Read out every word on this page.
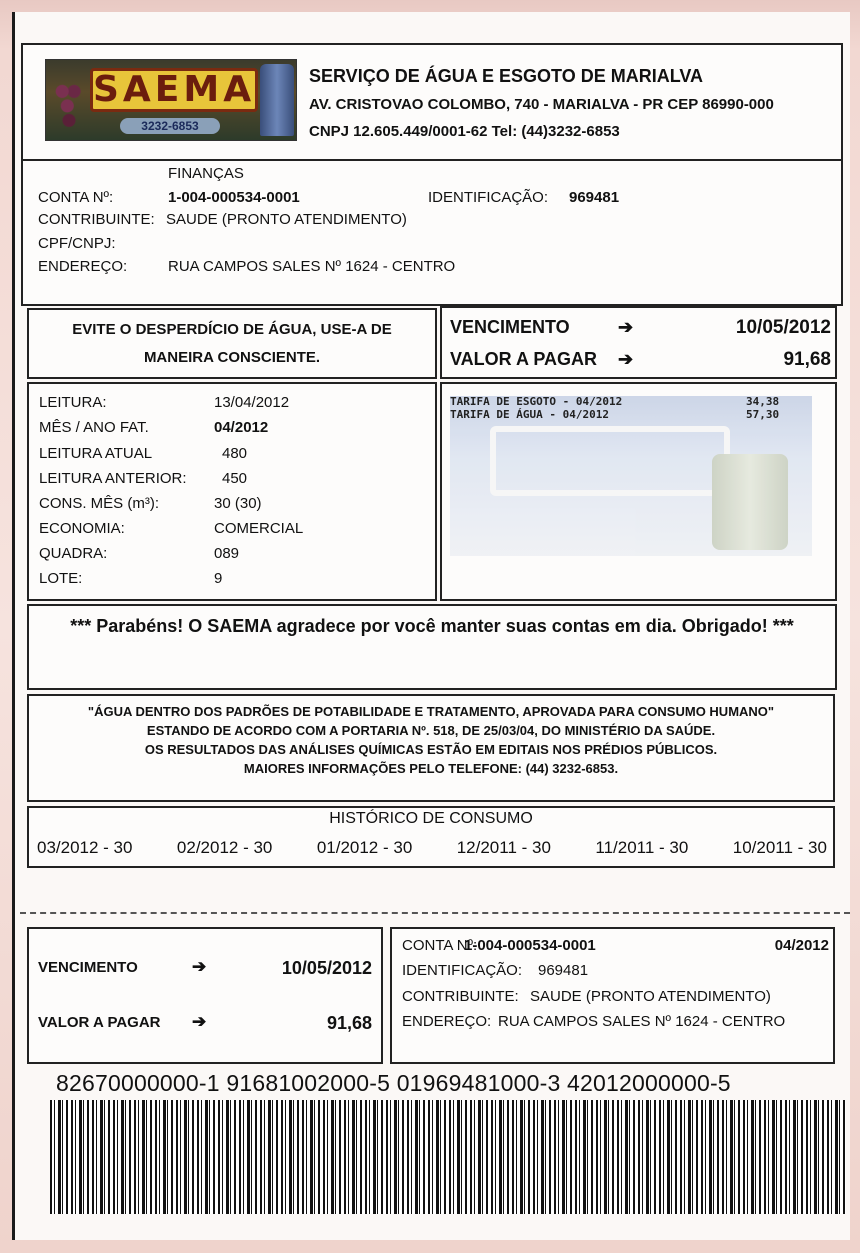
SAEMA
3232-6853
SERVIÇO DE ÁGUA E ESGOTO DE MARIALVA
AV. CRISTOVAO COLOMBO, 740 - MARIALVA - PR CEP 86990-000
CNPJ 12.605.449/0001-62 Tel: (44)3232-6853
FINANÇAS
CONTA Nº:	1-004-000534-0001	IDENTIFICAÇÃO: 969481
CONTRIBUINTE: SAUDE (PRONTO ATENDIMENTO)
CPF/CNPJ:
ENDEREÇO:	RUA CAMPOS SALES Nº 1624 - CENTRO
EVITE O DESPERDÍCIO DE ÁGUA, USE-A DE
MANEIRA CONSCIENTE.
VENCIMENTO	➔	10/05/2012
VALOR A PAGAR ➔	91,68
LEITURA:	13/04/2012
MÊS / ANO FAT.	04/2012
LEITURA ATUAL	480
LEITURA ANTERIOR: 450
CONS. MÊS (m³):	30 (30)
ECONOMIA:	COMERCIAL
QUADRA:	089
LOTE:	9
TARIFA DE ESGOTO - 04/2012	34,38
TARIFA DE ÁGUA - 04/2012	57,30
*** Parabéns! O SAEMA agradece por você manter suas contas em dia. Obrigado! ***
"ÁGUA DENTRO DOS PADRÕES DE POTABILIDADE E TRATAMENTO, APROVADA PARA CONSUMO HUMANO"
ESTANDO DE ACORDO COM A PORTARIA Nº. 518, DE 25/03/04, DO MINISTÉRIO DA SAÚDE.
OS RESULTADOS DAS ANÁLISES QUÍMICAS ESTÃO EM EDITAIS NOS PRÉDIOS PÚBLICOS.
MAIORES INFORMAÇÕES PELO TELEFONE: (44) 3232-6853.
HISTÓRICO DE CONSUMO
03/2012 - 30	02/2012 - 30	01/2012 - 30	12/2011 - 30	11/2011 - 30	10/2011 - 30
VENCIMENTO	➔	10/05/2012
VALOR A PAGAR ➔	91,68
CONTA Nº:
1-004-000534-0001	04/2012
IDENTIFICAÇÃO: 969481
CONTRIBUINTE: SAUDE (PRONTO ATENDIMENTO)
ENDEREÇO: RUA CAMPOS SALES Nº 1624 - CENTRO
82670000000-1 91681002000-5 01969481000-3 42012000000-5
